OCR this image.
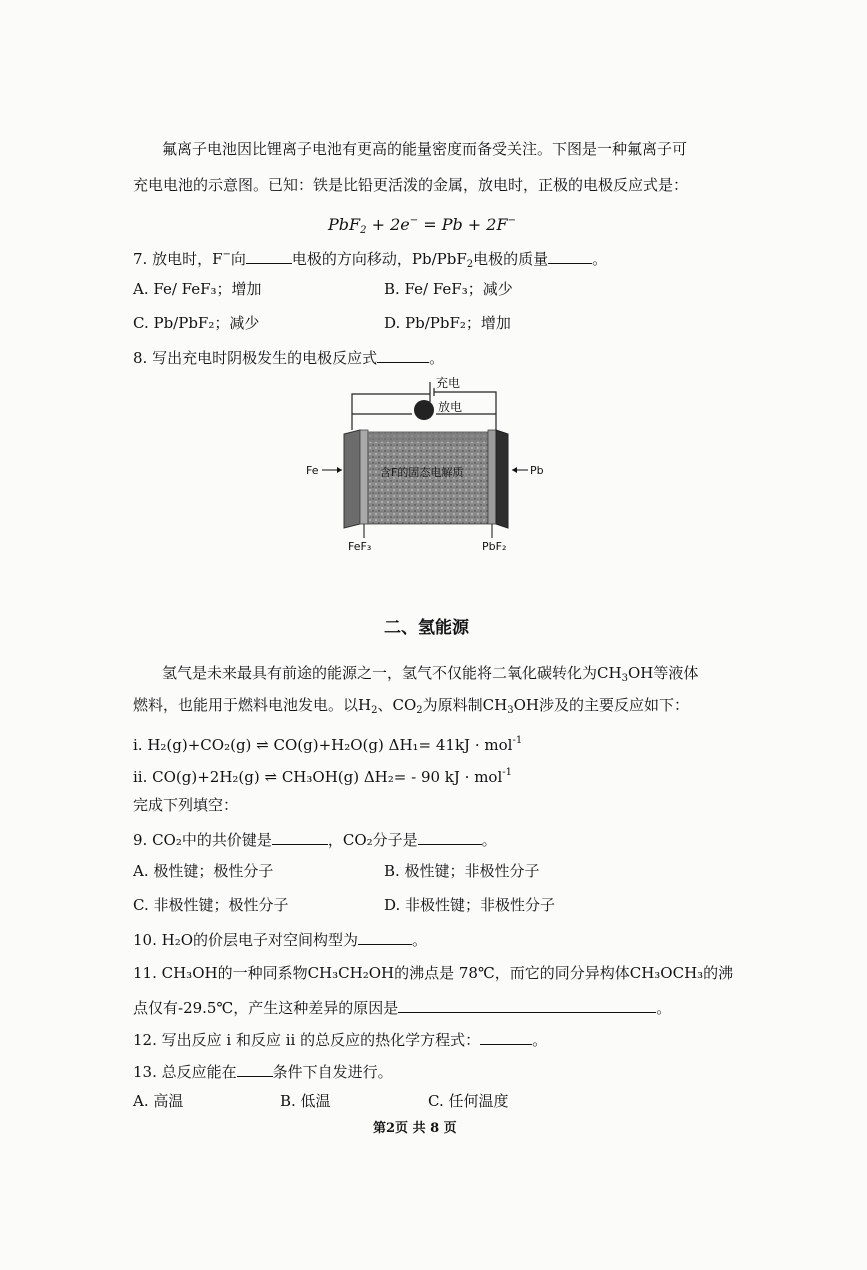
氟离子电池因比锂离子电池有更高的能量密度而备受关注。下图是一种氟离子可
充电电池的示意图。已知：铁是比铅更活泼的金属，放电时，正极的电极反应式是：
PbF$_2$ + 2e− = Pb + 2F−
7. 放电时，F−向	电极的方向移动，Pb/PbF$_2$电极的质量	。
A. Fe/ FeF₃；增加	B. Fe/ FeF₃；减少
C. Pb/PbF₂；减少	D. Pb/PbF₂；增加
8. 写出充电时阴极发生的电极反应式	。
充电
放电
含F的固态电解质
Fe	Pb
FeF₃	PbF₂
二、氢能源
氢气是未来最具有前途的能源之一，氢气不仅能将二氧化碳转化为$CH_3OH$等液体
燃料，也能用于燃料电池发电。以$H_2$、$CO_2$为原料制$CH_3OH$涉及的主要反应如下：
i. H₂(g)+CO₂(g) ⇌ CO(g)+H₂O(g) ΔH₁= 41kJ · mol$^{-1}$
ii. CO(g)+2H₂(g) ⇌ CH₃OH(g) ΔH₂= - 90 kJ · mol$^{-1}$
完成下列填空：
9. CO₂中的共价键是	，CO₂分子是	。
A. 极性键；极性分子	B. 极性键；非极性分子
C. 非极性键；极性分子	D. 非极性键；非极性分子
10. H₂O的价层电子对空间构型为	。
11. CH₃OH的一种同系物CH₃CH₂OH的沸点是 78℃，而它的同分异构体CH₃OCH₃的沸
点仅有-29.5℃，产生这种差异的原因是	。
12. 写出反应 i 和反应 ii 的总反应的热化学方程式：	。
13. 总反应能在 条件下自发进行。
A. 高温	B. 低温	C. 任何温度
第2页 共 8 页
